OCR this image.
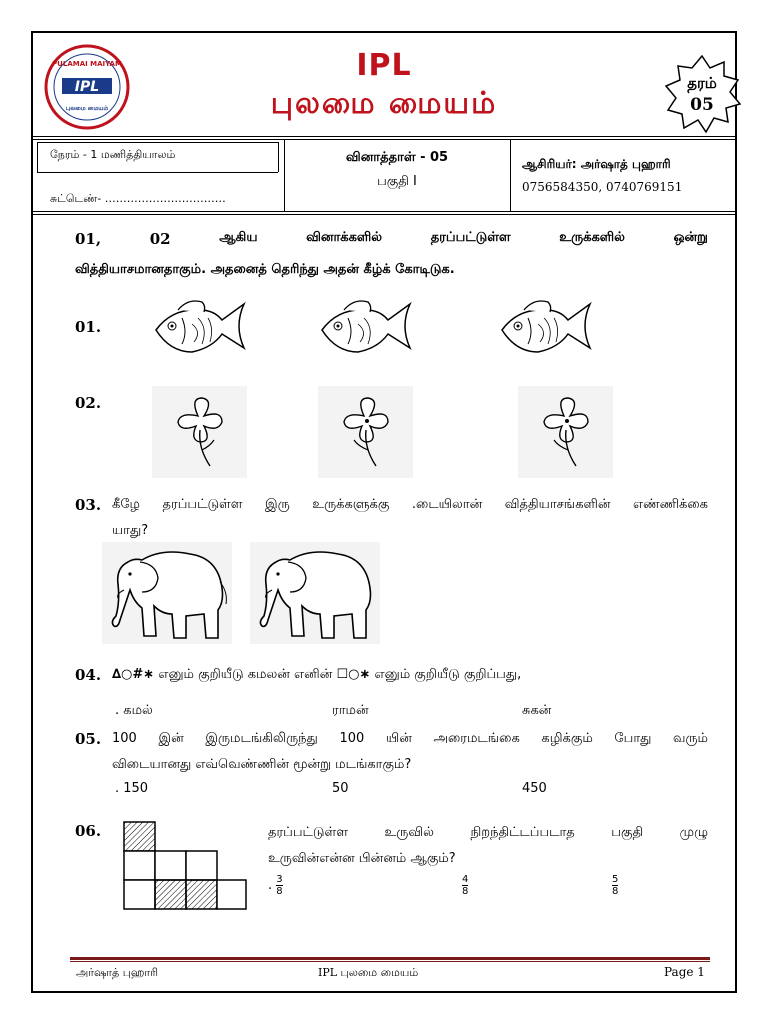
PULAMAI MAIYAM
IPL
புலமை மையம்
IPL
புலமை மையம்
தரம்
05
நேரம் - 1 மணித்தியாலம்
சுட்டெண்- ……………………………
வினாத்தாள் - 05
பகுதி I
ஆசிரியர்: அர்ஷாத் புஹாரி
0756584350, 0740769151
01,	02	ஆகிய	வினாக்களில்	தரப்பட்டுள்ள	உருக்களில்	ஒன்று
வித்தியாசமானதாகும். அதனைத் தெரிந்து அதன் கீழ்க் கோடிடுக.
01.
02.
03. கீழே தரப்பட்டுள்ள இரு உருக்களுக்கு .டையிலான் வித்தியாசங்களின் எண்ணிக்கை
யாது?
04. ∆○#∗ எனும் குறியீடு கமலன் எனின் ☐○∗ எனும் குறியீடு குறிப்பது,
. கமல்	ராமன்	சுகன்
05. 100 இன் இருமடங்கிலிருந்து 100 யின் அரைமடங்கை கழிக்கும் போது வரும்
விடையானது எவ்வெண்ணின் மூன்று மடங்காகும்?
. 150	50	450
06.	தரப்பட்டுள்ள உருவில் நிறந்திட்டப்படாத பகுதி முழு
உருவின்என்ன பின்னம் ஆகும்?
. $\frac{3}{8}$	$\frac{4}{8}$	$\frac{5}{8}$
அர்ஷாத் புஹாரி	IPL புலமை மையம்	Page 1
